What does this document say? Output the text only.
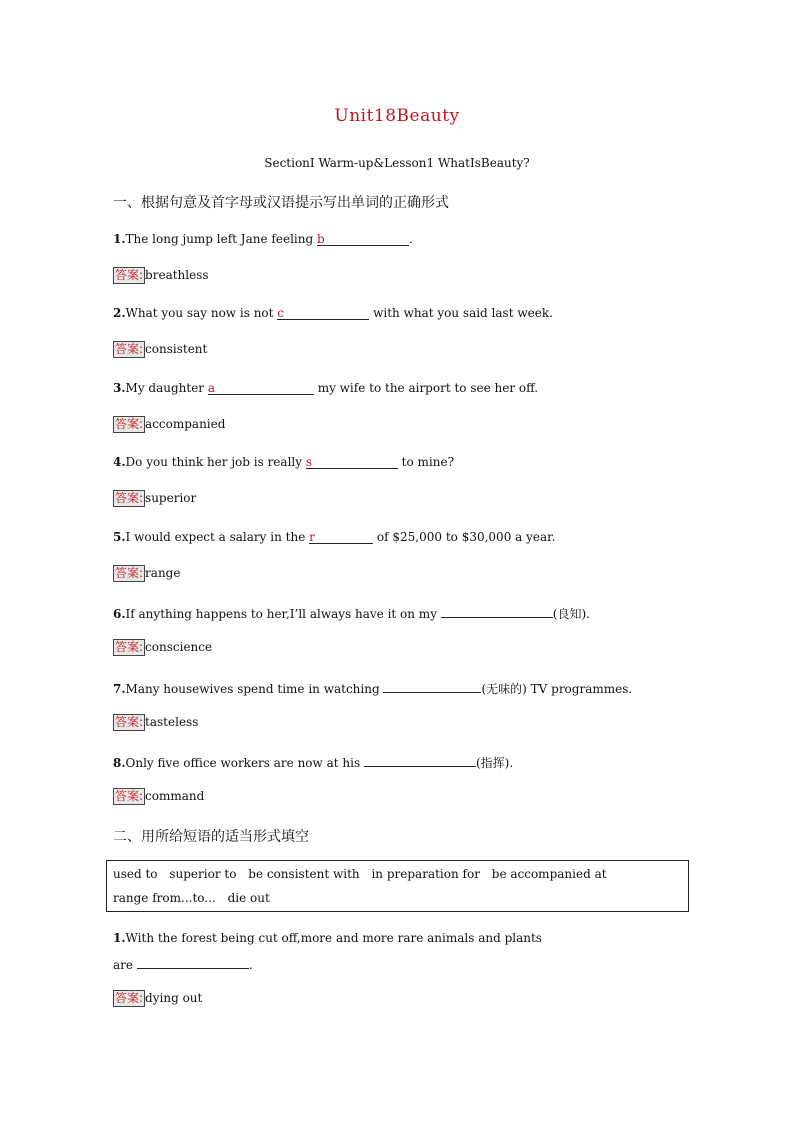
Unit18Beauty
SectionⅠ Warm-up&Lesson1 WhatIsBeauty?
一、根据句意及首字母或汉语提示写出单词的正确形式
1.The long jump left Jane feeling b	.
答案: breathless
2.What you say now is not c	with what you said last week.
答案: consistent
3.My daughter a	my wife to the airport to see her off.
答案: accompanied
4.Do you think her job is really s	to mine?
答案: superior
5.I would expect a salary in the r	of $25,000 to $30,000 a year.
答案: range
6.If anything happens to her,I’ll always have it on my	(良知).
答案: conscience
7.Many housewives spend time in watching	(无味的) TV programmes.
答案: tasteless
8.Only five office workers are now at his	(指挥).
答案: command
二、用所给短语的适当形式填空
used to superior to be consistent with in preparation for be accompanied at
range from...to... die out
1.With the forest being cut off,more and more rare animals and plants
are	.
答案: dying out
